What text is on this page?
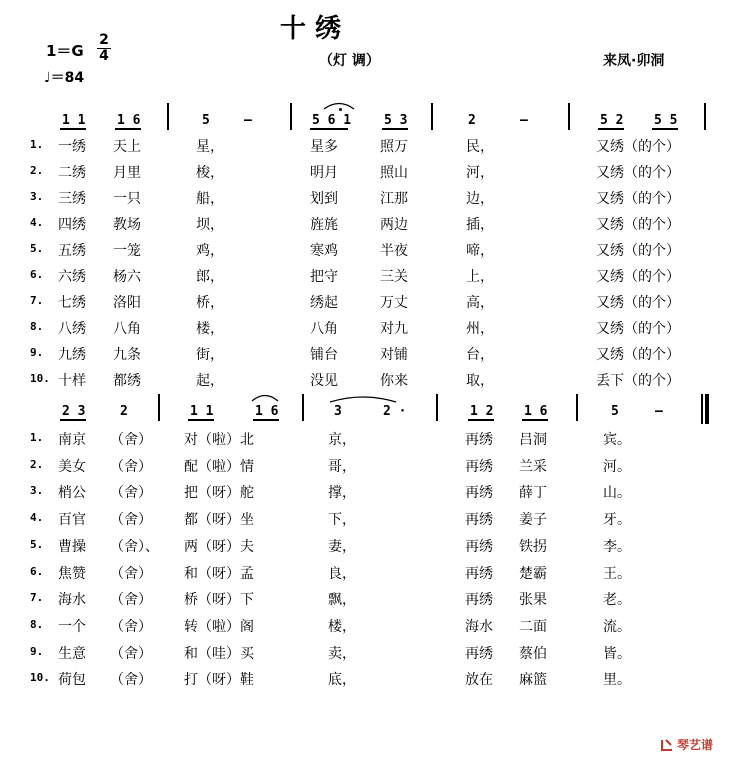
十 绣
（灯 调）
1＝G
2
4
♩＝84
来凤·卯洞
1 1 1 6	5	—	5 6 1	5 3	2	—	5 2 5 5
1. 一绣 天上	星，	星多	照万	民，	又绣（的个）
2. 二绣 月里	梭，	明月	照山	河，	又绣（的个）
3. 三绣 一只	船，	划到	江那	边，	又绣（的个）
4. 四绣 教场	坝，	旌旄	两边	插，	又绣（的个）
5. 五绣 一笼	鸡，	寒鸡	半夜	啼，	又绣（的个）
6. 六绣 杨六	郎，	把守	三关	上，	又绣（的个）
7. 七绣 洛阳	桥，	绣起	万丈	高，	又绣（的个）
8. 八绣 八角	楼，	八角	对九	州，	又绣（的个）
9. 九绣 九条	街，	铺台	对铺	台，	又绣（的个）
10. 十样 都绣	起，	没见	你来	取，	丢下（的个）
2 3	2	1 1	1 6	3	2 ·	1 2 1 6	5	—
1. 南京 （舍） 对（啦）北	京，	再绣 吕洞	宾。
2. 美女 （舍） 配（啦）情	哥，	再绣 兰采	河。
3. 梢公 （舍） 把（呀）舵	撑，	再绣 薛丁	山。
4. 百官 （舍） 都（呀）坐	下，	再绣 姜子	牙。
5. 曹操 （舍）、 两（呀）夫	妻，	再绣 铁拐	李。
6. 焦赞 （舍） 和（呀）孟	良，	再绣 楚霸	王。
7. 海水 （舍） 桥（呀）下	飘，	再绣 张果	老。
8. 一个 （舍） 转（啦）阁	楼，	海水 二面	流。
9. 生意 （舍） 和（哇）买	卖，	再绣 蔡伯	皆。
10. 荷包 （舍） 打（呀）鞋	底，	放在 麻篮	里。
琴艺谱
